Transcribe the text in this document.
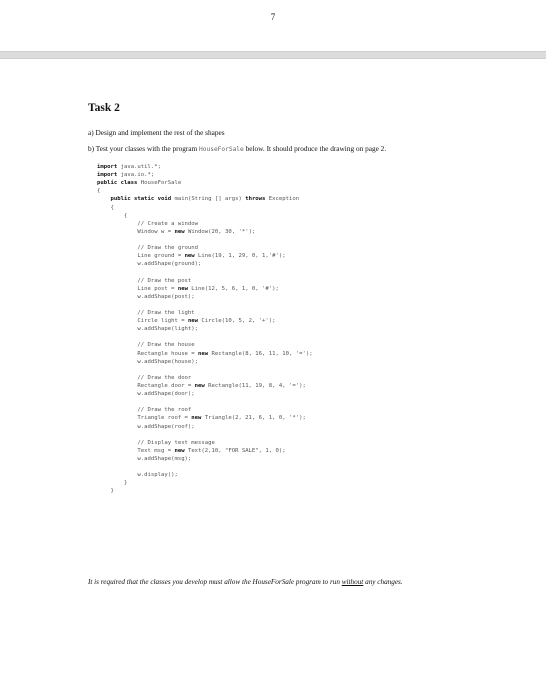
7
Task 2
a) Design and implement the rest of the shapes
b) Test your classes with the program HouseForSale below. It should produce the drawing on page 2.
import java.util.*;
import java.io.*;
public class HouseForSale
{
public static void main(String [] args) throws Exception
{
{
// Create a window
Window w = new Window(20, 30, '*');
// Draw the ground
Line ground = new Line(19, 1, 29, 0, 1,'#');
w.addShape(ground);
// Draw the post
Line post = new Line(12, 5, 6, 1, 0, '#');
w.addShape(post);
// Draw the light
Circle light = new Circle(10, 5, 2, '+');
w.addShape(light);
// Draw the house
Rectangle house = new Rectangle(8, 16, 11, 10, '=');
w.addShape(house);
// Draw the door
Rectangle door = new Rectangle(11, 19, 8, 4, '=');
w.addShape(door);
// Draw the roof
Triangle roof = new Triangle(2, 21, 6, 1, 0, '*');
w.addShape(roof);
// Display text message
Text msg = new Text(2,10, "FOR SALE", 1, 0);
w.addShape(msg);
w.display();
}
}
It is required that the classes you develop must allow the HouseForSale program to run without any changes.
